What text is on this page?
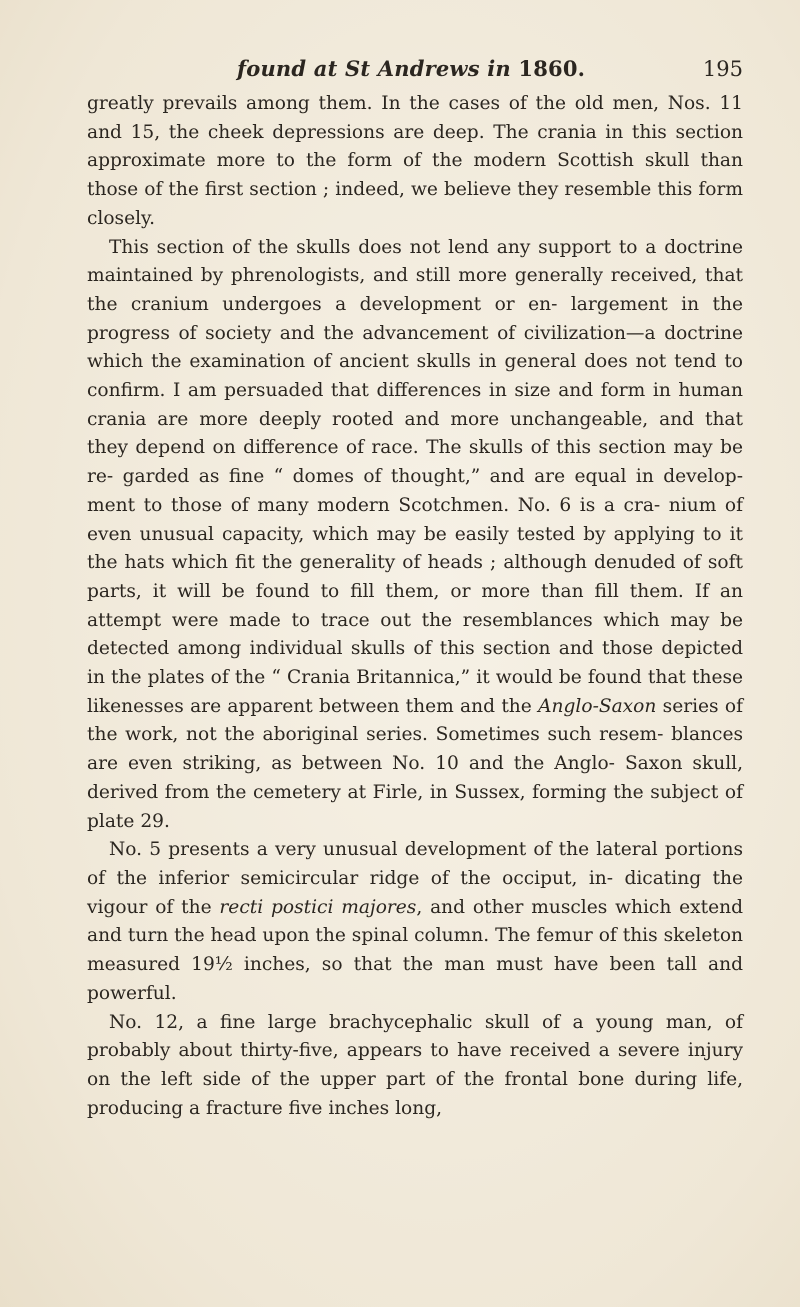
found at St Andrews in 1860.	195

greatly prevails among them. In the cases of the old men, Nos. 11 and 15, the cheek depressions are deep. The crania in this section approximate more to the form of the modern Scottish skull than those of the first section ; indeed, we believe they resemble this form closely.

This section of the skulls does not lend any support to a doctrine maintained by phrenologists, and still more generally received, that the cranium undergoes a development or en- largement in the progress of society and the advancement of civilization—a doctrine which the examination of ancient skulls in general does not tend to confirm. I am persuaded that differences in size and form in human crania are more deeply rooted and more unchangeable, and that they depend on difference of race. The skulls of this section may be re- garded as fine “ domes of thought,” and are equal in develop- ment to those of many modern Scotchmen. No. 6 is a cra- nium of even unusual capacity, which may be easily tested by applying to it the hats which fit the generality of heads ; although denuded of soft parts, it will be found to fill them, or more than fill them. If an attempt were made to trace out the resemblances which may be detected among individual skulls of this section and those depicted in the plates of the “ Crania Britannica,” it would be found that these likenesses are apparent between them and the Anglo-Saxon series of the work, not the aboriginal series. Sometimes such resem- blances are even striking, as between No. 10 and the Anglo- Saxon skull, derived from the cemetery at Firle, in Sussex, forming the subject of plate 29.

No. 5 presents a very unusual development of the lateral portions of the inferior semicircular ridge of the occiput, in- dicating the vigour of the recti postici majores, and other muscles which extend and turn the head upon the spinal column. The femur of this skeleton measured 19½ inches, so that the man must have been tall and powerful.

No. 12, a fine large brachycephalic skull of a young man, of probably about thirty-five, appears to have received a severe injury on the left side of the upper part of the frontal bone during life, producing a fracture five inches long,
